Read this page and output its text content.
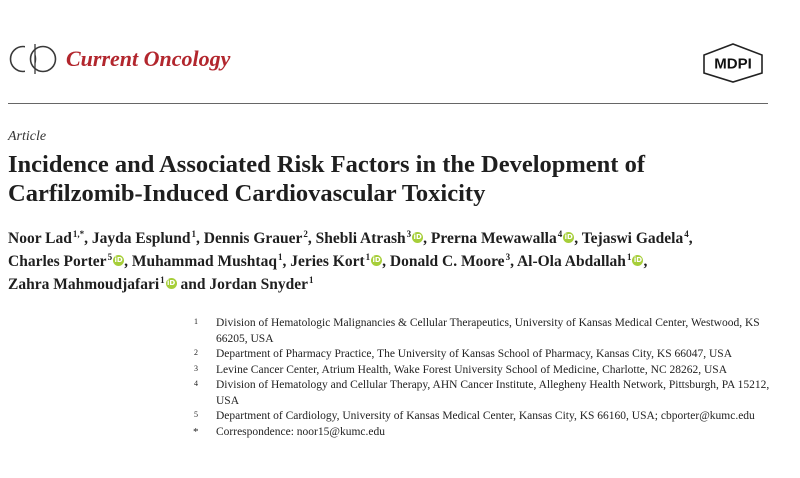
Current Oncology	MDPI
Article
Incidence and Associated Risk Factors in the Development of
Carfilzomib-Induced Cardiovascular Toxicity
Noor Lad$^{1,*}$, Jayda Esplund$^1$, Dennis Grauer$^2$, Shebli Atrash$^3$ iD, Prerna Mewawalla$^4$ iD, Tejaswi Gadela$^4$,
Charles Porter$^5$ iD, Muhammad Mushtaq$^1$, Jeries Kort$^1$ iD, Donald C. Moore$^3$, Al-Ola Abdallah$^1$ iD,
Zahra Mahmoudjafari$^1$ iD and Jordan Snyder$^1$
1 Division of Hematologic Malignancies & Cellular Therapeutics, University of Kansas Medical Center, Westwood, KS 66205, USA
2 Department of Pharmacy Practice, The University of Kansas School of Pharmacy, Kansas City, KS 66047, USA
3 Levine Cancer Center, Atrium Health, Wake Forest University School of Medicine, Charlotte, NC 28262, USA
4 Division of Hematology and Cellular Therapy, AHN Cancer Institute, Allegheny Health Network, Pittsburgh, PA 15212, USA
5 Department of Cardiology, University of Kansas Medical Center, Kansas City, KS 66160, USA; cbporter@kumc.edu
* Correspondence: noor15@kumc.edu
